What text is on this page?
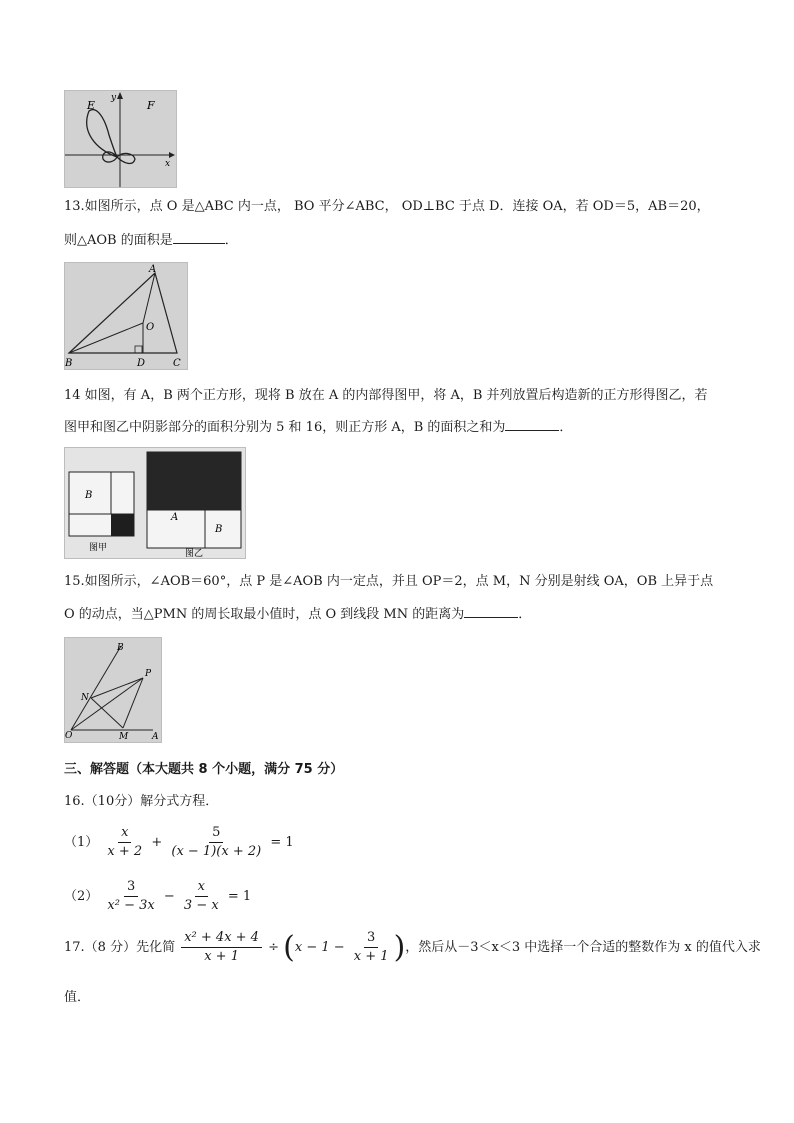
E	F
y
x
13.如图所示，点 O 是△ABC 内一点， BO 平分∠ABC， OD⊥BC 于点 D．连接 OA，若 OD＝5，AB＝20，
则△AOB 的面积是	．
A
B	C
D
O
14 如图，有 A，B 两个正方形，现将 B 放在 A 的内部得图甲，将 A，B 并列放置后构造新的正方形得图乙，若
图甲和图乙中阴影部分的面积分别为 5 和 16，则正方形 A，B 的面积之和为	．
B
图甲
A
B
图乙
15.如图所示，∠AOB＝60°，点 P 是∠AOB 内一定点，并且 OP＝2，点 M，N 分别是射线 OA，OB 上异于点
O 的动点，当△PMN 的周长取最小值时，点 O 到线段 MN 的距离为	．
B
P
N
O	M	A
三、解答题（本大题共 8 个小题，满分 75 分）
16.（10分）解分式方程．
$(1) \frac{x}{x + 2} + \frac{5}{(x - 1)(x + 2)} = 1$
$(2) \frac{3}{\text{x² − 3x}} - \frac{x}{3 - x} = 1$
17.（8 分）先化简 $\frac{\text{x² + 4x + 4}}{x + 1} \div (x - 1 - \frac{3}{x + 1}$ )，然后从－3＜x＜3 中选择一个合适的整数作为 x 的值代入求
值．
